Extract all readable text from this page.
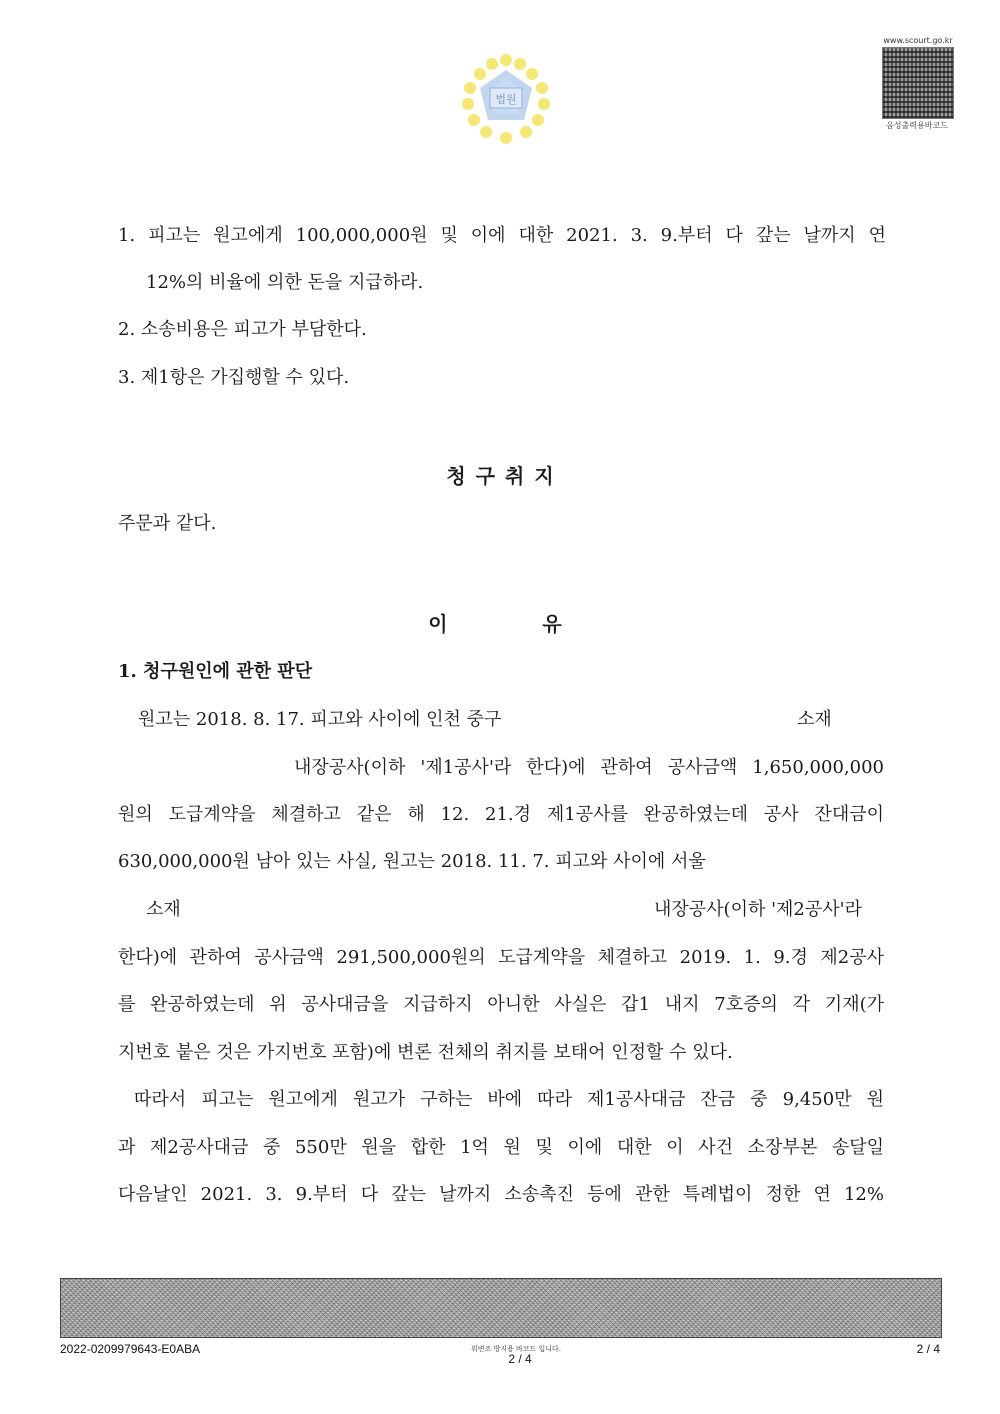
법원
www.scourt.go.kr
음성출력용바코드
1. 피고는 원고에게 100,000,000원 및 이에 대한 2021. 3. 9.부터 다 갚는 날까지 연
12%의 비율에 의한 돈을 지급하라.
2. 소송비용은 피고가 부담한다.
3. 제1항은 가집행할 수 있다.
청구취지
주문과 같다.
이     유
1. 청구원인에 관한 판단
원고는 2018. 8. 17. 피고와 사이에 인천 중구	소재
내장공사(이하 '제1공사'라 한다)에 관하여 공사금액 1,650,000,000
원의 도급계약을 체결하고 같은 해 12. 21.경 제1공사를 완공하였는데 공사 잔대금이
630,000,000원 남아 있는 사실, 원고는 2018. 11. 7. 피고와 사이에 서울
소재	내장공사(이하 '제2공사'라
한다)에 관하여 공사금액 291,500,000원의 도급계약을 체결하고 2019. 1. 9.경 제2공사
를 완공하였는데 위 공사대금을 지급하지 아니한 사실은 갑1 내지 7호증의 각 기재(가
지번호 붙은 것은 가지번호 포함)에 변론 전체의 취지를 보태어 인정할 수 있다.
따라서 피고는 원고에게 원고가 구하는 바에 따라 제1공사대금 잔금 중 9,450만 원
과 제2공사대금 중 550만 원을 합한 1억 원 및 이에 대한 이 사건 소장부본 송달일
다음날인 2021. 3. 9.부터 다 갚는 날까지 소송촉진 등에 관한 특례법이 정한 연 12%
2022-0209979643-E0ABA	위변조 방지용 바코드 입니다.
2 / 4
2 / 4
